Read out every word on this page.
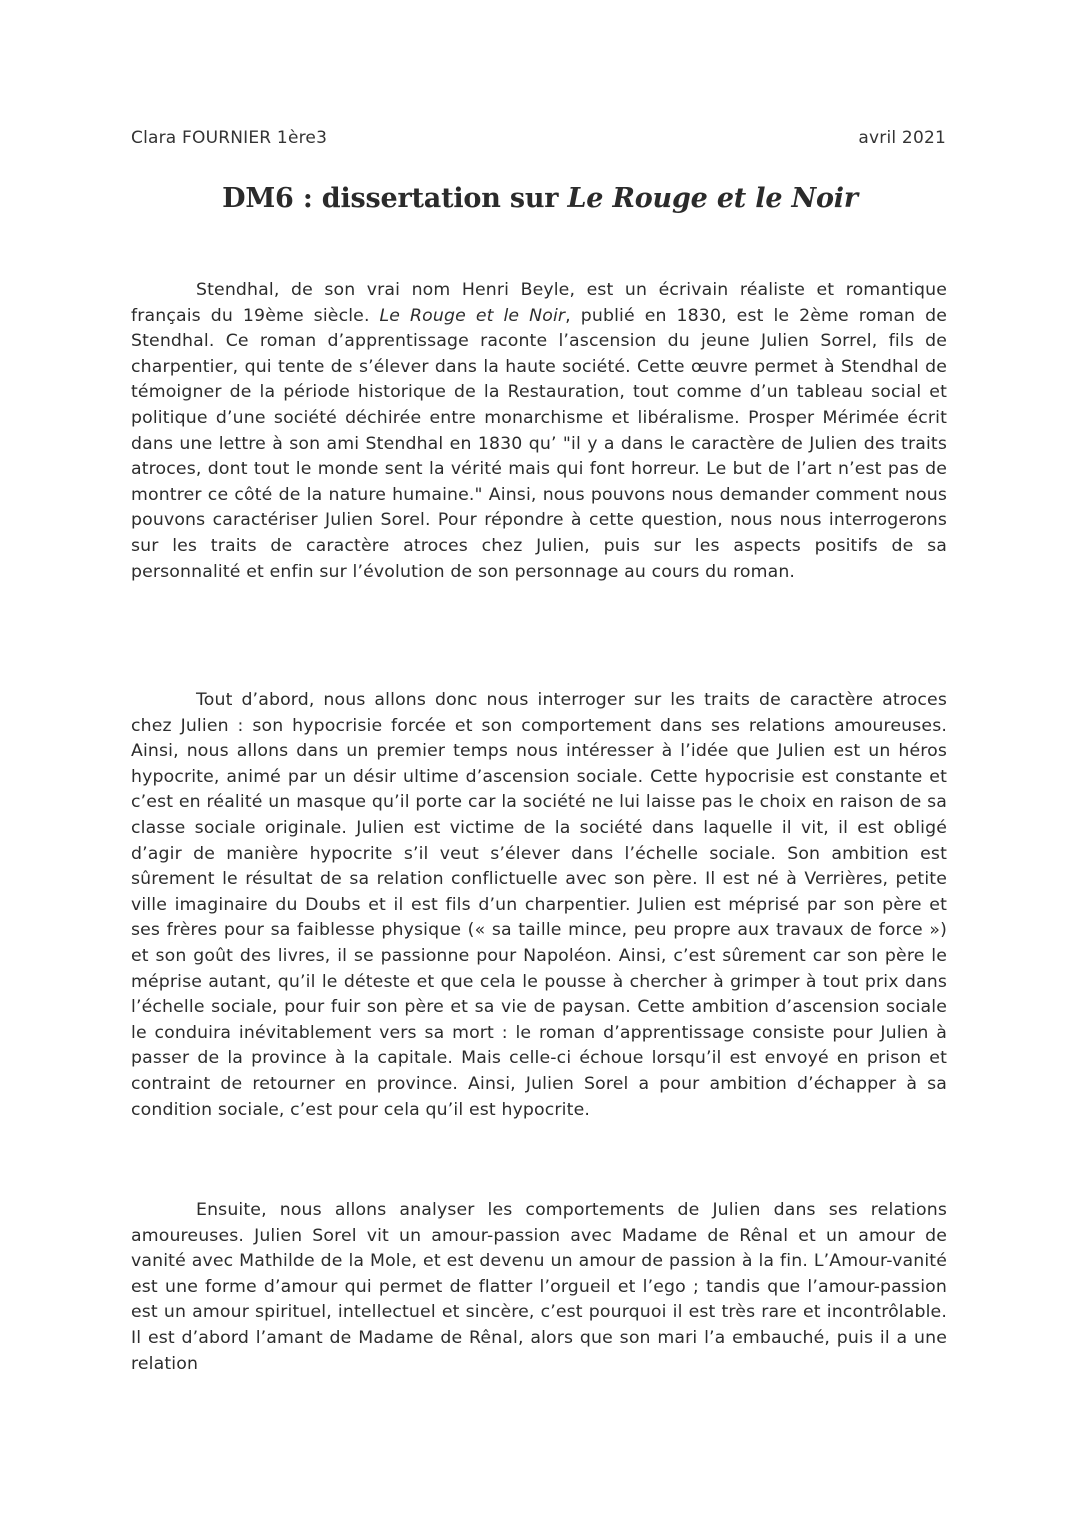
Clara FOURNIER 1ère3	avril 2021
DM6 : dissertation sur Le Rouge et le Noir

Stendhal, de son vrai nom Henri Beyle, est un écrivain réaliste et romantique français du 19ème siècle. Le Rouge et le Noir, publié en 1830, est le 2ème roman de Stendhal. Ce roman d’apprentissage raconte l’ascension du jeune Julien Sorrel, fils de charpentier, qui tente de s’élever dans la haute société. Cette œuvre permet à Stendhal de témoigner de la période historique de la Restauration, tout comme d’un tableau social et politique d’une société déchirée entre monarchisme et libéralisme. Prosper Mérimée écrit dans une lettre à son ami Stendhal en 1830 qu’ "il y a dans le caractère de Julien des traits atroces, dont tout le monde sent la vérité mais qui font horreur. Le but de l’art n’est pas de montrer ce côté de la nature humaine." Ainsi, nous pouvons nous demander comment nous pouvons caractériser Julien Sorel. Pour répondre à cette question, nous nous interrogerons sur les traits de caractère atroces chez Julien, puis sur les aspects positifs de sa personnalité et enfin sur l’évolution de son personnage au cours du roman.

Tout d’abord, nous allons donc nous interroger sur les traits de caractère atroces chez Julien : son hypocrisie forcée et son comportement dans ses relations amoureuses. Ainsi, nous allons dans un premier temps nous intéresser à l’idée que Julien est un héros hypocrite, animé par un désir ultime d’ascension sociale. Cette hypocrisie est constante et c’est en réalité un masque qu’il porte car la société ne lui laisse pas le choix en raison de sa classe sociale originale. Julien est victime de la société dans laquelle il vit, il est obligé d’agir de manière hypocrite s’il veut s’élever dans l’échelle sociale. Son ambition est sûrement le résultat de sa relation conflictuelle avec son père. Il est né à Verrières, petite ville imaginaire du Doubs et il est fils d’un charpentier. Julien est méprisé par son père et ses frères pour sa faiblesse physique (« sa taille mince, peu propre aux travaux de force ») et son goût des livres, il se passionne pour Napoléon. Ainsi, c’est sûrement car son père le méprise autant, qu’il le déteste et que cela le pousse à chercher à grimper à tout prix dans l’échelle sociale, pour fuir son père et sa vie de paysan. Cette ambition d’ascension sociale le conduira inévitablement vers sa mort : le roman d’apprentissage consiste pour Julien à passer de la province à la capitale. Mais celle-ci échoue lorsqu’il est envoyé en prison et contraint de retourner en province. Ainsi, Julien Sorel a pour ambition d’échapper à sa condition sociale, c’est pour cela qu’il est hypocrite.

Ensuite, nous allons analyser les comportements de Julien dans ses relations amoureuses. Julien Sorel vit un amour-passion avec Madame de Rênal et un amour de vanité avec Mathilde de la Mole, et est devenu un amour de passion à la fin. L’Amour-vanité est une forme d’amour qui permet de flatter l’orgueil et l’ego ; tandis que l’amour-passion est un amour spirituel, intellectuel et sincère, c’est pourquoi il est très rare et incontrôlable. Il est d’abord l’amant de Madame de Rênal, alors que son mari l’a embauché, puis il a une relation
